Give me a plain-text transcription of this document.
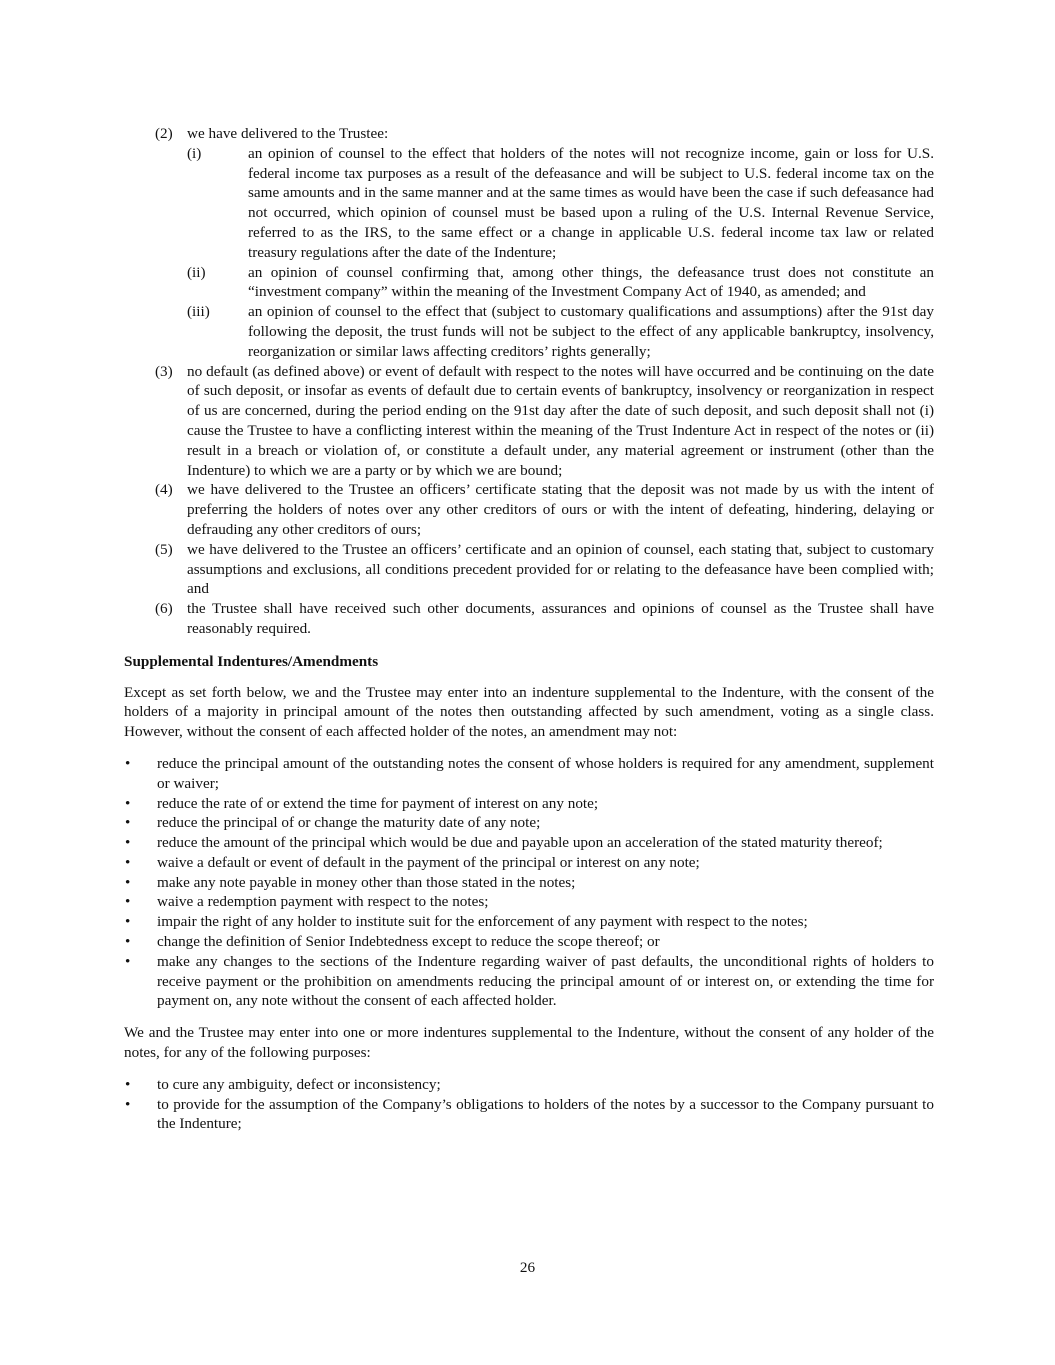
(2) we have delivered to the Trustee:
(i)	an opinion of counsel to the effect that holders of the notes will not recognize income, gain or loss for U.S. federal income tax purposes as a result of the defeasance and will be subject to U.S. federal income tax on the same amounts and in the same manner and at the same times as would have been the case if such defeasance had not occurred, which opinion of counsel must be based upon a ruling of the U.S. Internal Revenue Service, referred to as the IRS, to the same effect or a change in applicable U.S. federal income tax law or related treasury regulations after the date of the Indenture;
(ii)	an opinion of counsel confirming that, among other things, the defeasance trust does not constitute an “investment company” within the meaning of the Investment Company Act of 1940, as amended; and
(iii)	an opinion of counsel to the effect that (subject to customary qualifications and assumptions) after the 91st day following the deposit, the trust funds will not be subject to the effect of any applicable bankruptcy, insolvency, reorganization or similar laws affecting creditors’ rights generally;
(3) no default (as defined above) or event of default with respect to the notes will have occurred and be continuing on the date of such deposit, or insofar as events of default due to certain events of bankruptcy, insolvency or reorganization in respect of us are concerned, during the period ending on the 91st day after the date of such deposit, and such deposit shall not (i) cause the Trustee to have a conflicting interest within the meaning of the Trust Indenture Act in respect of the notes or (ii) result in a breach or violation of, or constitute a default under, any material agreement or instrument (other than the Indenture) to which we are a party or by which we are bound;
(4) we have delivered to the Trustee an officers’ certificate stating that the deposit was not made by us with the intent of preferring the holders of notes over any other creditors of ours or with the intent of defeating, hindering, delaying or defrauding any other creditors of ours;
(5) we have delivered to the Trustee an officers’ certificate and an opinion of counsel, each stating that, subject to customary assumptions and exclusions, all conditions precedent provided for or relating to the defeasance have been complied with; and
(6) the Trustee shall have received such other documents, assurances and opinions of counsel as the Trustee shall have reasonably required.
Supplemental Indentures/Amendments
Except as set forth below, we and the Trustee may enter into an indenture supplemental to the Indenture, with the consent of the holders of a majority in principal amount of the notes then outstanding affected by such amendment, voting as a single class. However, without the consent of each affected holder of the notes, an amendment may not:
•	reduce the principal amount of the outstanding notes the consent of whose holders is required for any amendment, supplement or waiver;
•	reduce the rate of or extend the time for payment of interest on any note;
•	reduce the principal of or change the maturity date of any note;
•	reduce the amount of the principal which would be due and payable upon an acceleration of the stated maturity thereof;
•	waive a default or event of default in the payment of the principal or interest on any note;
•	make any note payable in money other than those stated in the notes;
•	waive a redemption payment with respect to the notes;
•	impair the right of any holder to institute suit for the enforcement of any payment with respect to the notes;
•	change the definition of Senior Indebtedness except to reduce the scope thereof; or
•	make any changes to the sections of the Indenture regarding waiver of past defaults, the unconditional rights of holders to receive payment or the prohibition on amendments reducing the principal amount of or interest on, or extending the time for payment on, any note without the consent of each affected holder.
We and the Trustee may enter into one or more indentures supplemental to the Indenture, without the consent of any holder of the notes, for any of the following purposes:
•	to cure any ambiguity, defect or inconsistency;
•	to provide for the assumption of the Company’s obligations to holders of the notes by a successor to the Company pursuant to the Indenture;
26
